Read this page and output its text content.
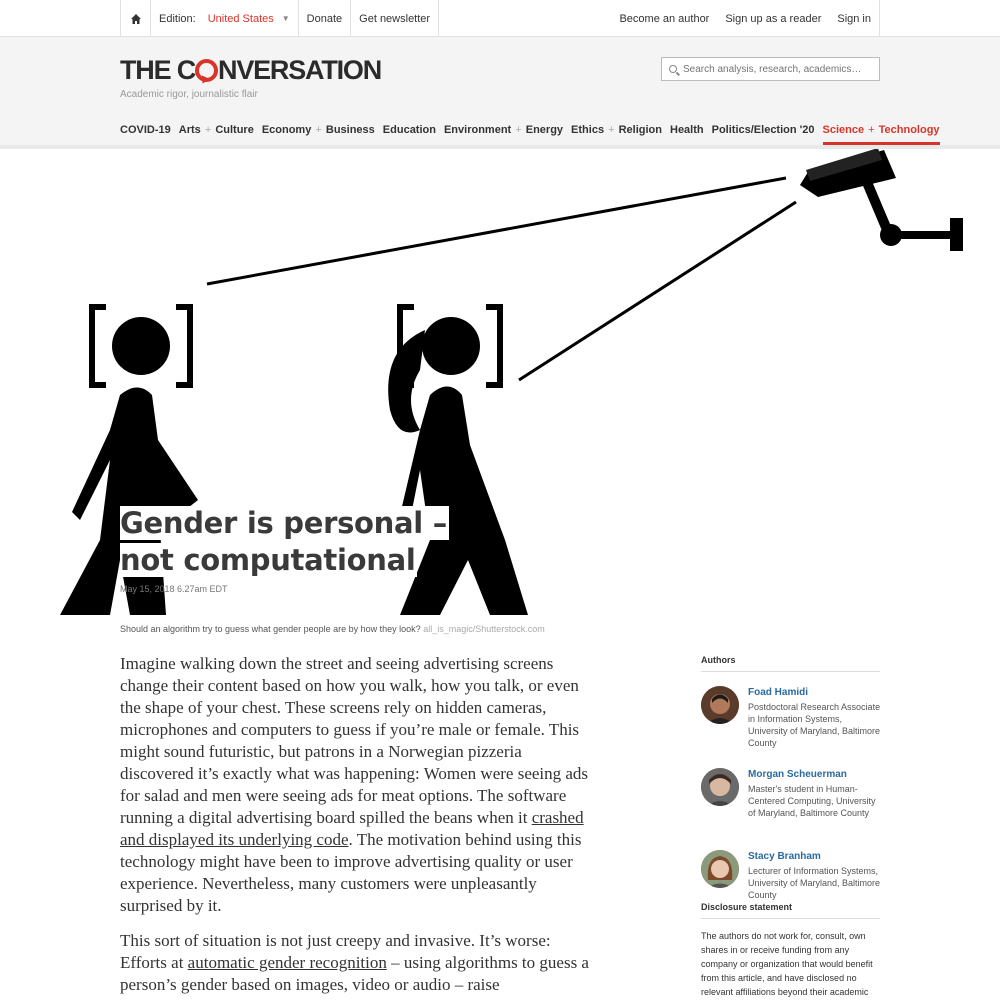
Edition: United States ▼	Donate	Get newsletter	Become an author	Sign up as a reader	Sign in
THE C NVERSATION
Academic rigor, journalistic flair
Search analysis, research, academics…
COVID-19 Arts + Culture Economy + Business Education Environment + Energy Ethics + Religion Health Politics/Election '20 Science + Technology
Gender is personal –
not computational
May 15, 2018 6.27am EDT
Should an algorithm try to guess what gender people are by how they look? all_is_magic/Shutterstock.com

Imagine walking down the street and seeing advertising screens change their content based on how you walk, how you talk, or even the shape of your chest. These screens rely on hidden cameras, microphones and computers to guess if you’re male or female. This might sound futuristic, but patrons in a Norwegian pizzeria discovered it’s exactly what was happening: Women were seeing ads for salad and men were seeing ads for meat options. The software running a digital advertising board spilled the beans when it crashed and displayed its underlying code. The motivation behind using this technology might have been to improve advertising quality or user experience. Nevertheless, many customers were unpleasantly surprised by it.

This sort of situation is not just creepy and invasive. It’s worse: Efforts at automatic gender recognition – using algorithms to guess a person’s gender based on images, video or audio – raise

Authors
Foad Hamidi
Postdoctoral Research Associate in Information Systems, University of Maryland, Baltimore County
Morgan Scheuerman
Master's student in Human-Centered Computing, University of Maryland, Baltimore County
Stacy Branham
Lecturer of Information Systems, University of Maryland, Baltimore County
Disclosure statement
The authors do not work for, consult, own shares in or receive funding from any company or organization that would benefit from this article, and have disclosed no relevant affiliations beyond their academic
